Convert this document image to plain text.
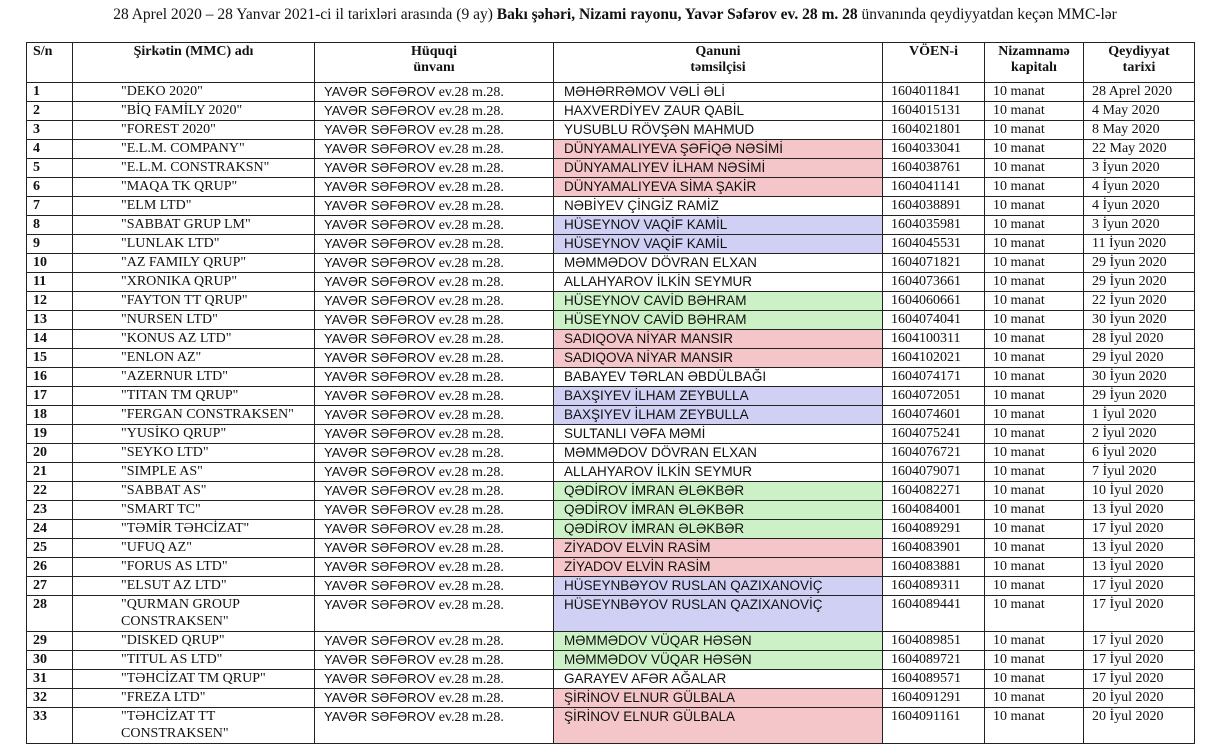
28 Aprel 2020 – 28 Yanvar 2021-ci il tarixləri arasında (9 ay) Bakı şəhəri, Nizami rayonu, Yavər Səfərov ev. 28 m. 28 ünvanında qeydiyyatdan keçən MMC-lər
S/n	Şirkətin (MMC) adı	Hüquqi
ünvanı	Qanuni
təmsilçisi	VÖEN-i	Nizamnamə
kapitalı	Qeydiyyat
tarixi
1	"DEKO 2020"	YAVƏR SƏFƏROV ev.28 m.28.	MƏHƏRRƏMOV VƏLİ ƏLİ	1604011841	10 manat	28 Aprel 2020
2	"BİQ FAMİLY 2020"	YAVƏR SƏFƏROV ev.28 m.28.	HAXVERDİYEV ZAUR QABİL	1604015131	10 manat	4 May 2020
3	"FOREST 2020"	YAVƏR SƏFƏROV ev.28 m.28.	YUSUBLU RÖVŞƏN MAHMUD	1604021801	10 manat	8 May 2020
4	"E.L.M. COMPANY"	YAVƏR SƏFƏROV ev.28 m.28.	DÜNYAMALIYEVA ŞƏFİQƏ NƏSİMİ	1604033041	10 manat	22 May 2020
5	"E.L.M. CONSTRAKSN"	YAVƏR SƏFƏROV ev.28 m.28.	DÜNYAMALIYEV İLHAM NƏSİMİ	1604038761	10 manat	3 İyun 2020
6	"MAQA TK QRUP"	YAVƏR SƏFƏROV ev.28 m.28.	DÜNYAMALIYEVA SİMA ŞAKİR	1604041141	10 manat	4 İyun 2020
7	"ELM LTD"	YAVƏR SƏFƏROV ev.28 m.28.	NƏBİYEV ÇİNGİZ RAMİZ	1604038891	10 manat	4 İyun 2020
8	"SABBAT GRUP LM"	YAVƏR SƏFƏROV ev.28 m.28.	HÜSEYNOV VAQİF KAMİL	1604035981	10 manat	3 İyun 2020
9	"LUNLAK LTD"	YAVƏR SƏFƏROV ev.28 m.28.	HÜSEYNOV VAQİF KAMİL	1604045531	10 manat	11 İyun 2020
10	"AZ FAMILY QRUP"	YAVƏR SƏFƏROV ev.28 m.28.	MƏMMƏDOV DÖVRAN ELXAN	1604071821	10 manat	29 İyun 2020
11	"XRONIKA QRUP"	YAVƏR SƏFƏROV ev.28 m.28.	ALLAHYAROV İLKİN SEYMUR	1604073661	10 manat	29 İyun 2020
12	"FAYTON TT QRUP"	YAVƏR SƏFƏROV ev.28 m.28.	HÜSEYNOV CAVİD BƏHRAM	1604060661	10 manat	22 İyun 2020
13	"NURSEN LTD"	YAVƏR SƏFƏROV ev.28 m.28.	HÜSEYNOV CAVİD BƏHRAM	1604074041	10 manat	30 İyun 2020
14	"KONUS AZ LTD"	YAVƏR SƏFƏROV ev.28 m.28.	SADIQOVA NİYAR MANSIR	1604100311	10 manat	28 İyul 2020
15	"ENLON AZ"	YAVƏR SƏFƏROV ev.28 m.28.	SADIQOVA NİYAR MANSIR	1604102021	10 manat	29 İyul 2020
16	"AZERNUR LTD"	YAVƏR SƏFƏROV ev.28 m.28.	BABAYEV TƏRLAN ƏBDÜLBAĞI	1604074171	10 manat	30 İyun 2020
17	"TITAN TM QRUP"	YAVƏR SƏFƏROV ev.28 m.28.	BAXŞIYEV İLHAM ZEYBULLA	1604072051	10 manat	29 İyun 2020
18	"FERGAN CONSTRAKSEN"	YAVƏR SƏFƏROV ev.28 m.28.	BAXŞIYEV İLHAM ZEYBULLA	1604074601	10 manat	1 İyul 2020
19	"YUSİKO QRUP"	YAVƏR SƏFƏROV ev.28 m.28.	SULTANLI VƏFA MƏMİ	1604075241	10 manat	2 İyul 2020
20	"SEYKO LTD"	YAVƏR SƏFƏROV ev.28 m.28.	MƏMMƏDOV DÖVRAN ELXAN	1604076721	10 manat	6 İyul 2020
21	"SIMPLE AS"	YAVƏR SƏFƏROV ev.28 m.28.	ALLAHYAROV İLKİN SEYMUR	1604079071	10 manat	7 İyul 2020
22	"SABBAT AS"	YAVƏR SƏFƏROV ev.28 m.28.	QƏDİROV İMRAN ƏLƏKBƏR	1604082271	10 manat	10 İyul 2020
23	"SMART TC"	YAVƏR SƏFƏROV ev.28 m.28.	QƏDİROV İMRAN ƏLƏKBƏR	1604084001	10 manat	13 İyul 2020
24	"TƏMİR TƏHCİZAT"	YAVƏR SƏFƏROV ev.28 m.28.	QƏDİROV İMRAN ƏLƏKBƏR	1604089291	10 manat	17 İyul 2020
25	"UFUQ AZ"	YAVƏR SƏFƏROV ev.28 m.28.	ZİYADOV ELVİN RASİM	1604083901	10 manat	13 İyul 2020
26	"FORUS AS LTD"	YAVƏR SƏFƏROV ev.28 m.28.	ZİYADOV ELVİN RASİM	1604083881	10 manat	13 İyul 2020
27	"ELSUT AZ LTD"	YAVƏR SƏFƏROV ev.28 m.28.	HÜSEYNBƏYOV RUSLAN QAZIXANOVİÇ	1604089311	10 manat	17 İyul 2020
28	"QURMAN GROUP CONSTRAKSEN"	YAVƏR SƏFƏROV ev.28 m.28.	HÜSEYNBƏYOV RUSLAN QAZIXANOVİÇ	1604089441	10 manat	17 İyul 2020
29	"DISKED QRUP"	YAVƏR SƏFƏROV ev.28 m.28.	MƏMMƏDOV VÜQAR HƏSƏN	1604089851	10 manat	17 İyul 2020
30	"TITUL AS LTD"	YAVƏR SƏFƏROV ev.28 m.28.	MƏMMƏDOV VÜQAR HƏSƏN	1604089721	10 manat	17 İyul 2020
31	"TƏHCİZAT TM QRUP"	YAVƏR SƏFƏROV ev.28 m.28.	GARAYEV AFƏR AĞALAR	1604089571	10 manat	17 İyul 2020
32	"FREZA LTD"	YAVƏR SƏFƏROV ev.28 m.28.	ŞİRİNOV ELNUR GÜLBALA	1604091291	10 manat	20 İyul 2020
33	"TƏHCİZAT TT CONSTRAKSEN"	YAVƏR SƏFƏROV ev.28 m.28.	ŞİRİNOV ELNUR GÜLBALA	1604091161	10 manat	20 İyul 2020
